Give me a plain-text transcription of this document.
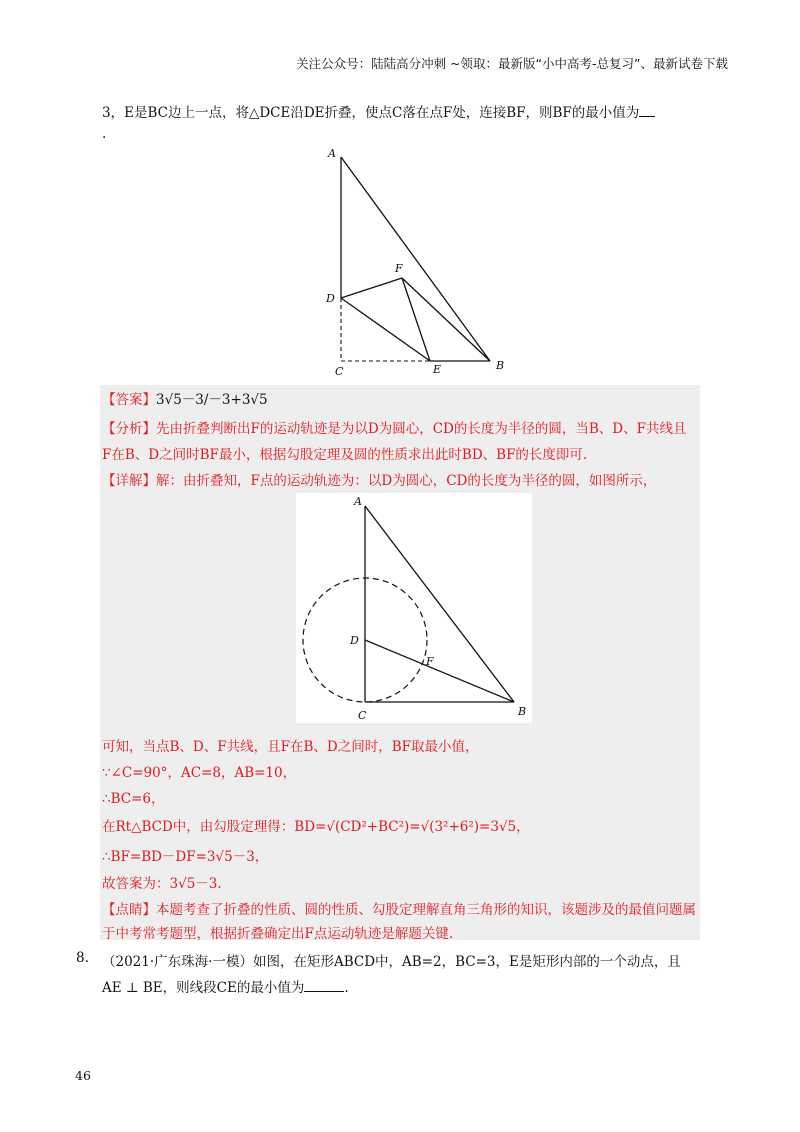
关注公众号：陆陆高分冲刺 ~领取：最新版“小中高考-总复习”、最新试卷下载
3，E是BC边上一点，将△DCE沿DE折叠，使点C落在点F处，连接BF，则BF的最小值为
.
A
F
D
C	E	B
【答案】3√5－3/－3+3√5
【分析】先由折叠判断出F的运动轨迹是为以D为圆心，CD的长度为半径的圆，当B、D、F共线且
F在B、D之间时BF最小，根据勾股定理及圆的性质求出此时BD、BF的长度即可.
【详解】解：由折叠知，F点的运动轨迹为：以D为圆心，CD的长度为半径的圆，如图所示，
A
D
F
C	B
可知，当点B、D、F共线，且F在B、D之间时，BF取最小值，
∵∠C=90°，AC=8，AB=10，
∴BC=6，
在Rt△BCD中，由勾股定理得：BD=√(CD²+BC²)=√(3²+6²)=3√5，
∴BF=BD－DF=3√5－3，
故答案为：3√5－3.
【点睛】本题考查了折叠的性质、圆的性质、勾股定理解直角三角形的知识，该题涉及的最值问题属
于中考常考题型，根据折叠确定出F点运动轨迹是解题关键.
8. （2021·广东珠海·一模）如图，在矩形ABCD中，AB=2，BC=3，E是矩形内部的一个动点，且
AE ⊥ BE，则线段CE的最小值为	.
46
